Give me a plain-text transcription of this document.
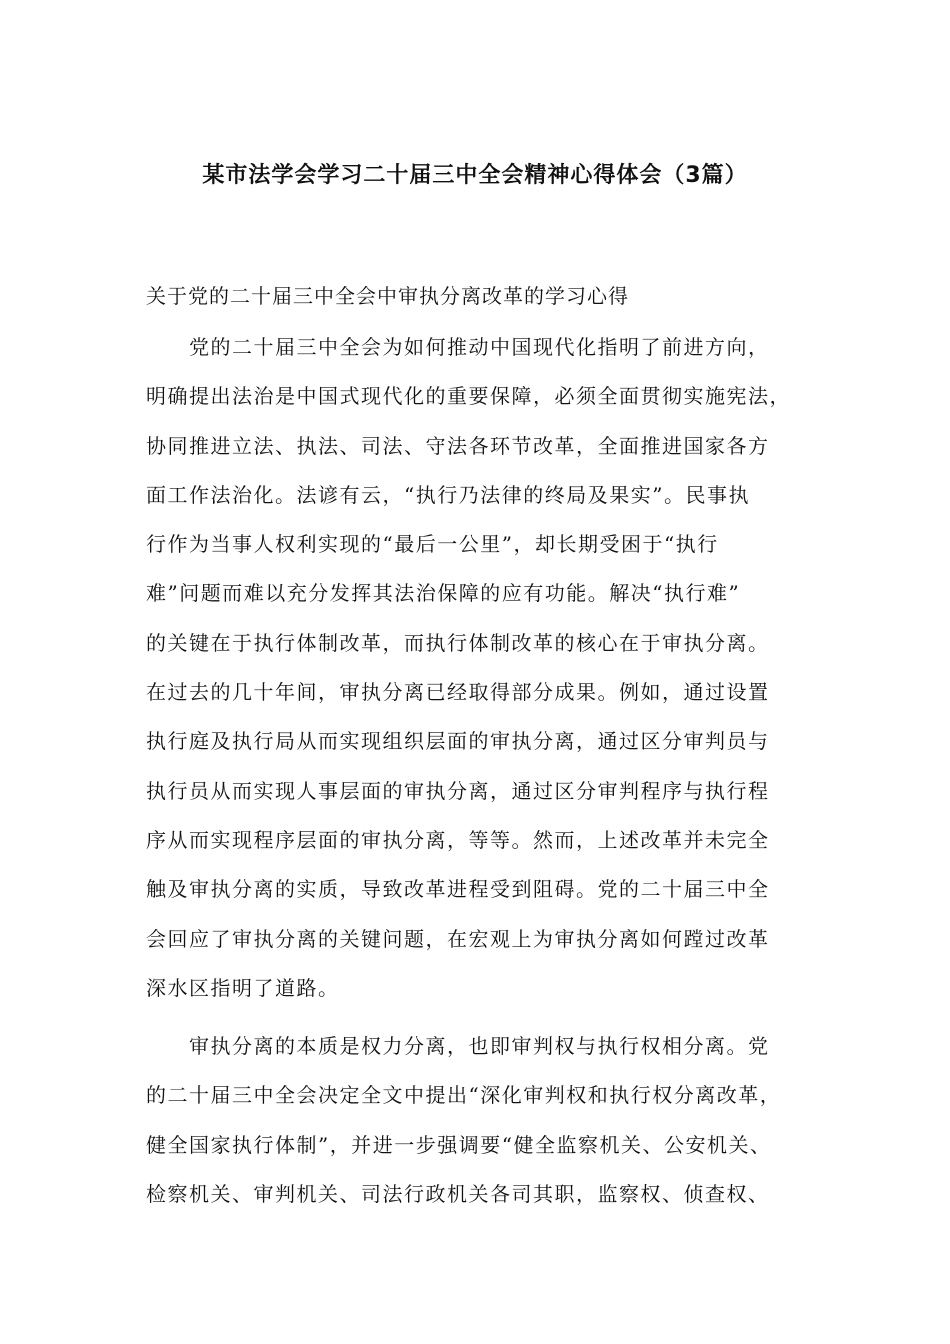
某市法学会学习二十届三中全会精神心得体会（3篇）

关于党的二十届三中全会中审执分离改革的学习心得

　　党的二十届三中全会为如何推动中国现代化指明了前进方向，
明确提出法治是中国式现代化的重要保障，必须全面贯彻实施宪法，
协同推进立法、执法、司法、守法各环节改革，全面推进国家各方
面工作法治化。法谚有云，“执行乃法律的终局及果实”。民事执
行作为当事人权利实现的“最后一公里”，却长期受困于“执行
难”问题而难以充分发挥其法治保障的应有功能。解决“执行难”
的关键在于执行体制改革，而执行体制改革的核心在于审执分离。
在过去的几十年间，审执分离已经取得部分成果。例如，通过设置
执行庭及执行局从而实现组织层面的审执分离，通过区分审判员与
执行员从而实现人事层面的审执分离，通过区分审判程序与执行程
序从而实现程序层面的审执分离，等等。然而，上述改革并未完全
触及审执分离的实质，导致改革进程受到阻碍。党的二十届三中全
会回应了审执分离的关键问题，在宏观上为审执分离如何蹚过改革
深水区指明了道路。
　　审执分离的本质是权力分离，也即审判权与执行权相分离。党
的二十届三中全会决定全文中提出“深化审判权和执行权分离改革，
健全国家执行体制”，并进一步强调要“健全监察机关、公安机关、
检察机关、审判机关、司法行政机关各司其职，监察权、侦查权、
